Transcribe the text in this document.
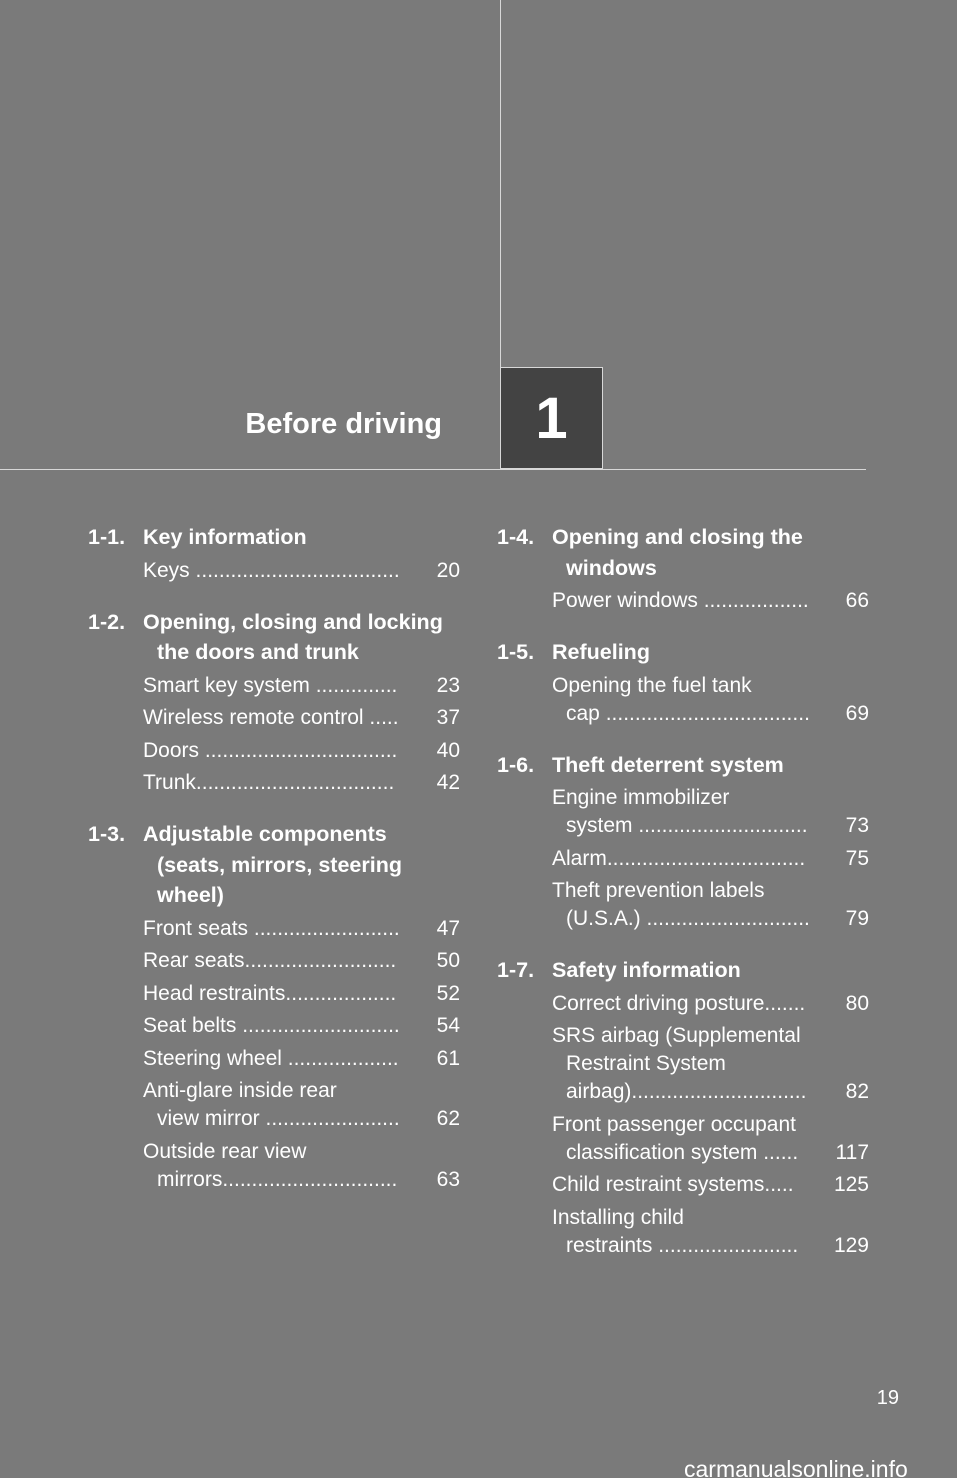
Before driving	1
1-1. Key information
Keys ...................................	20
1-2. Opening, closing and locking the doors and trunk
Smart key system ..............	23
Wireless remote control .....	37
Doors .................................	40
Trunk..................................	42
1-3. Adjustable components (seats, mirrors, steering wheel)
Front seats .........................	47
Rear seats..........................	50
Head restraints...................	52
Seat belts ...........................	54
Steering wheel ...................	61
Anti-glare inside rear
view mirror .......................	62
Outside rear view
mirrors..............................	63
1-4. Opening and closing the windows
Power windows ..................	66
1-5. Refueling
Opening the fuel tank
cap ...................................	69
1-6. Theft deterrent system
Engine immobilizer
system .............................	73
Alarm..................................	75
Theft prevention labels
(U.S.A.) ............................	79
1-7. Safety information
Correct driving posture.......	80
SRS airbag (Supplemental
Restraint System
airbag)..............................	82
Front passenger occupant
classification system ......	117
Child restraint systems.....	125
Installing child
restraints ........................	129
19
carmanualsonline.info
